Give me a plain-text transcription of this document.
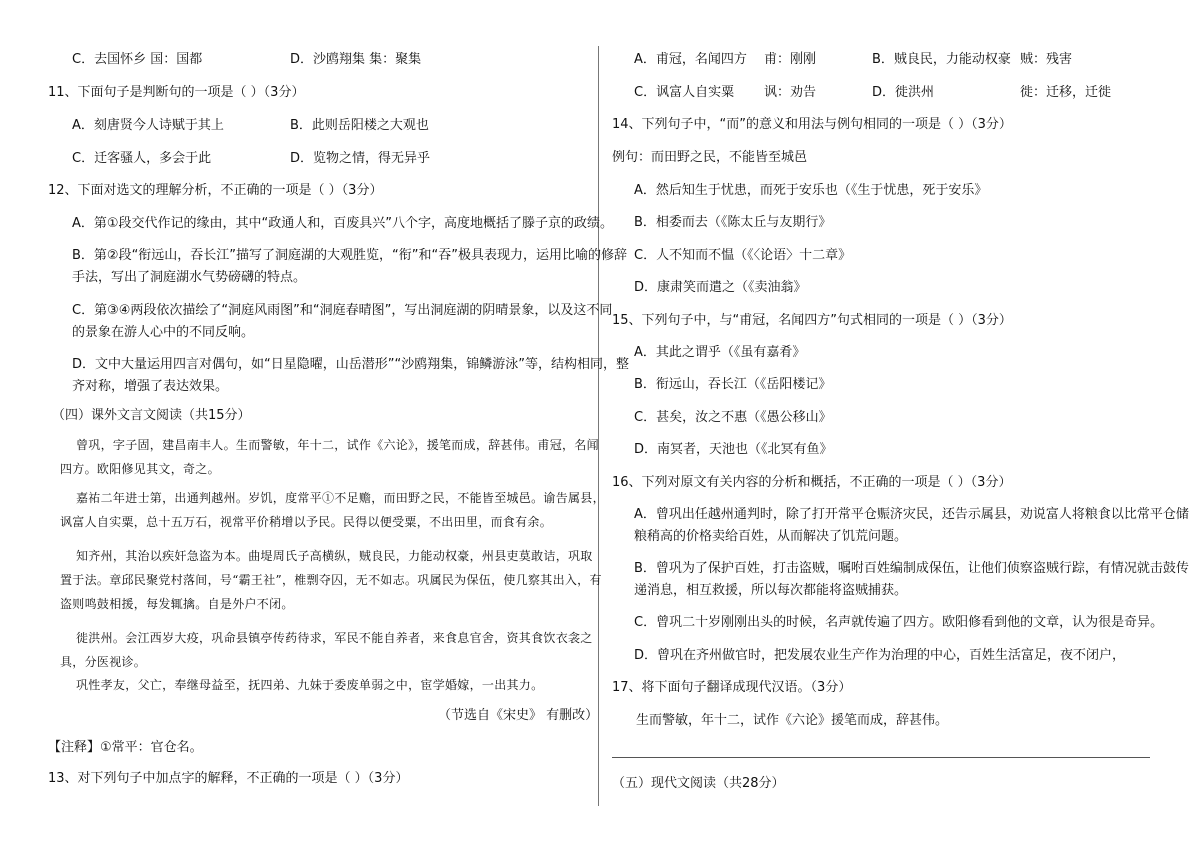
C．去国怀乡 国：国都	D．沙鸥翔集 集：聚集
11、下面句子是判断句的一项是（ ）（3分）
A．刻唐贤今人诗赋于其上	B．此则岳阳楼之大观也
C．迁客骚人，多会于此	D．览物之情，得无异乎
12、下面对选文的理解分析，不正确的一项是（ ）（3分）
A．第①段交代作记的缘由，其中“政通人和，百废具兴”八个字，高度地概括了滕子京的政绩。
B．第②段“衔远山，吞长江”描写了洞庭湖的大观胜览，“衔”和“吞”极具表现力，运用比喻的修辞
手法，写出了洞庭湖水气势磅礴的特点。
C．第③④两段依次描绘了“洞庭风雨图”和“洞庭春晴图”，写出洞庭湖的阴晴景象，以及这不同
的景象在游人心中的不同反响。
D．文中大量运用四言对偶句，如“日星隐曜，山岳潜形”“沙鸥翔集，锦鳞游泳”等，结构相同，整
齐对称，增强了表达效果。
（四）课外文言文阅读（共15分）
曾巩，字子固，建昌南丰人。生而警敏，年十二，试作《六论》，援笔而成，辞甚伟。甫冠，名闻
四方。欧阳修见其文，奇之。
嘉祐二年进士第，出通判越州。岁饥，度常平①不足赡，而田野之民，不能皆至城邑。谕告属县，
讽富人自实粟，总十五万石，视常平价稍增以予民。民得以便受粟，不出田里，而食有余。
知齐州，其治以疾奸急盗为本。曲堤周氏子高横纵，贼良民，力能动权豪，州县吏莫敢诘，巩取
置于法。章邱民聚党村落间，号“霸王社”，椎剽夺囚，无不如志。巩属民为保伍，使几察其出入，有
盗则鸣鼓相援，每发辄擒。自是外户不闭。
徙洪州。会江西岁大疫，巩命县镇亭传药待求，军民不能自养者，来食息官舍，资其食饮衣衾之
具，分医视诊。
巩性孝友，父亡，奉继母益至，抚四弟、九妹于委废单弱之中，宦学婚嫁，一出其力。
（节选自《宋史》 有删改）
【注释】①常平：官仓名。
13、对下列句子中加点字的解释，不正确的一项是（ ）（3分）
A．甫冠，名闻四方 甫：刚刚	B．贼良民，力能动权豪 贼：残害
C．讽富人自实粟 讽：劝告	D．徙洪州	徙：迁移，迁徙
14、下列句子中，“而”的意义和用法与例句相同的一项是（ ）（3分）
例句：而田野之民，不能皆至城邑
A．然后知生于忧患，而死于安乐也（《生于忧患，死于安乐》
B．相委而去（《陈太丘与友期行》
C．人不知而不愠（《〈论语〉十二章》
D．康肃笑而遣之（《卖油翁》
15、下列句子中，与“甫冠，名闻四方”句式相同的一项是（ ）（3分）
A．其此之谓乎（《虽有嘉肴》
B．衔远山，吞长江（《岳阳楼记》
C．甚矣，汝之不惠（《愚公移山》
D．南冥者，天池也（《北冥有鱼》
16、下列对原文有关内容的分析和概括，不正确的一项是（ ）（3分）
A．曾巩出任越州通判时，除了打开常平仓赈济灾民，还告示属县，劝说富人将粮食以比常平仓储
粮稍高的价格卖给百姓，从而解决了饥荒问题。
B．曾巩为了保护百姓，打击盗贼，嘱咐百姓编制成保伍，让他们侦察盗贼行踪，有情况就击鼓传
递消息，相互救援，所以每次都能将盗贼捕获。
C．曾巩二十岁刚刚出头的时候，名声就传遍了四方。欧阳修看到他的文章，认为很是奇异。
D．曾巩在齐州做官时，把发展农业生产作为治理的中心，百姓生活富足，夜不闭户，
17、将下面句子翻译成现代汉语。（3分）
生而警敏，年十二，试作《六论》援笔而成，辞甚伟。
（五）现代文阅读（共28分）
